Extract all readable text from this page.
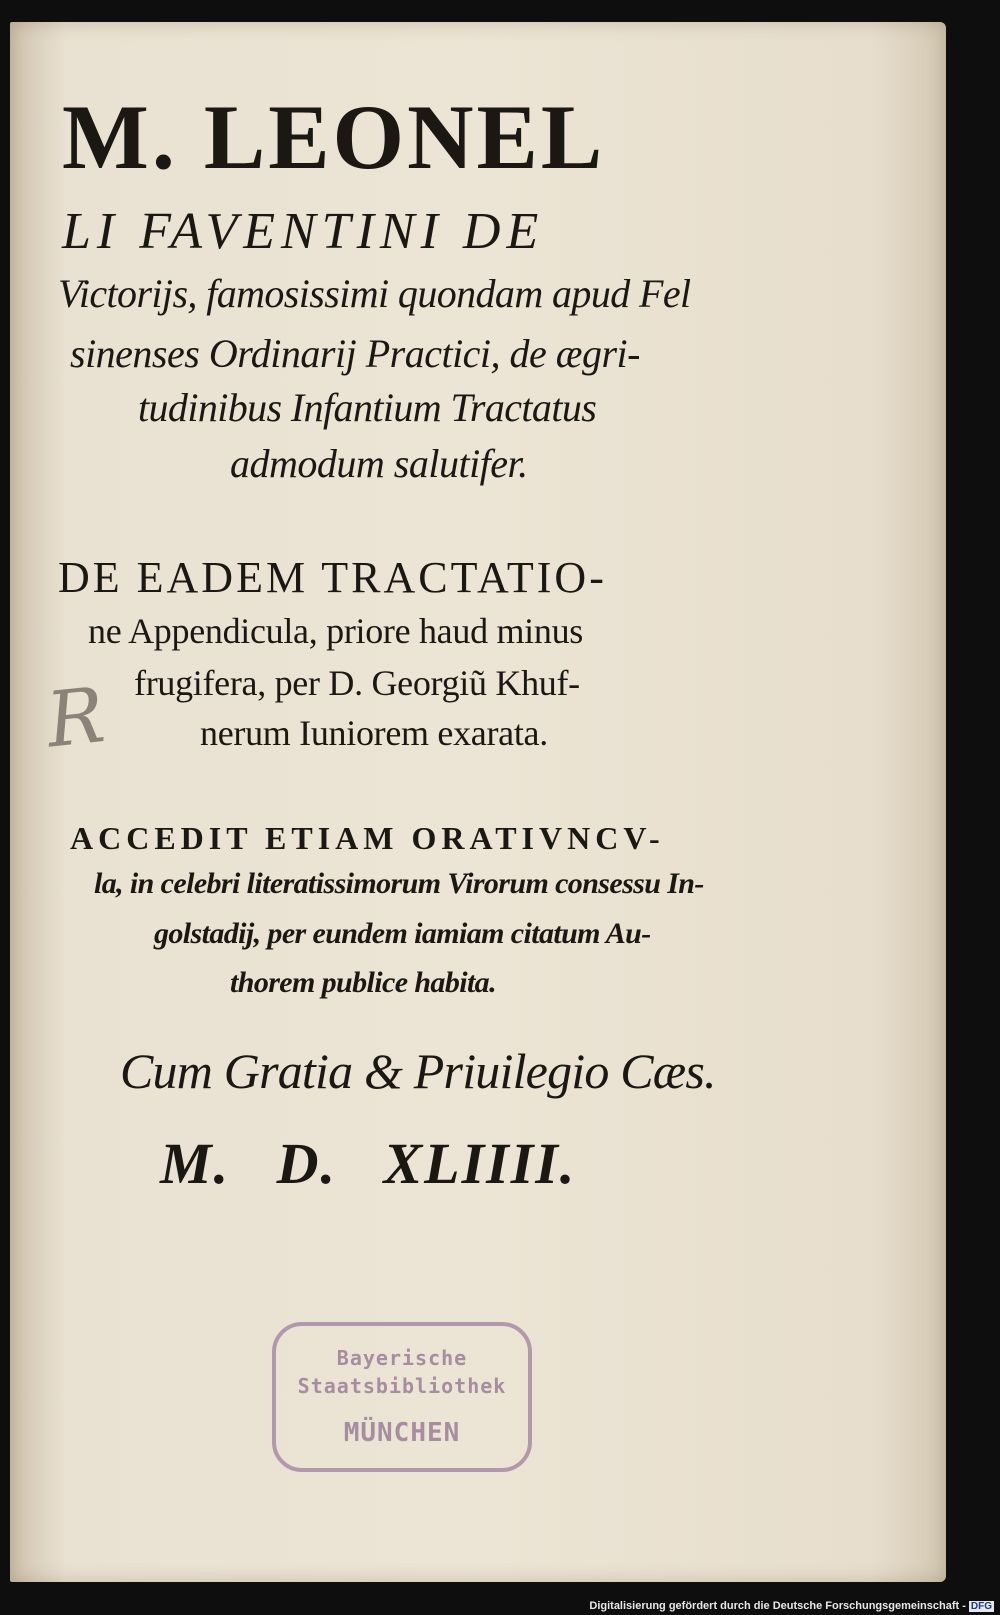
M. LEONEL

LI FAVENTINI DE

Victorijs, famosissimi quondam apud Fel

sinenses Ordinarij Practici, de ægri-

tudinibus Infantium Tractatus

admodum salutifer.

DE EADEM TRACTATIO-

ne Appendicula, priore haud minus

frugifera, per D. Georgiũ Khuf-

nerum Iuniorem exarata.

ACCEDIT ETIAM ORATIVNCV-

la, in celebri literatissimorum Virorum consessu In-

golstadij, per eundem iamiam citatum Au-

thorem publice habita.

Cum Gratia & Priuilegio Cæs.

M. D. XLIIII.

R
Bayerische
Staatsbibliothek
MÜNCHEN
Digitalisierung gefördert durch die Deutsche Forschungsgemeinschaft - DFG
